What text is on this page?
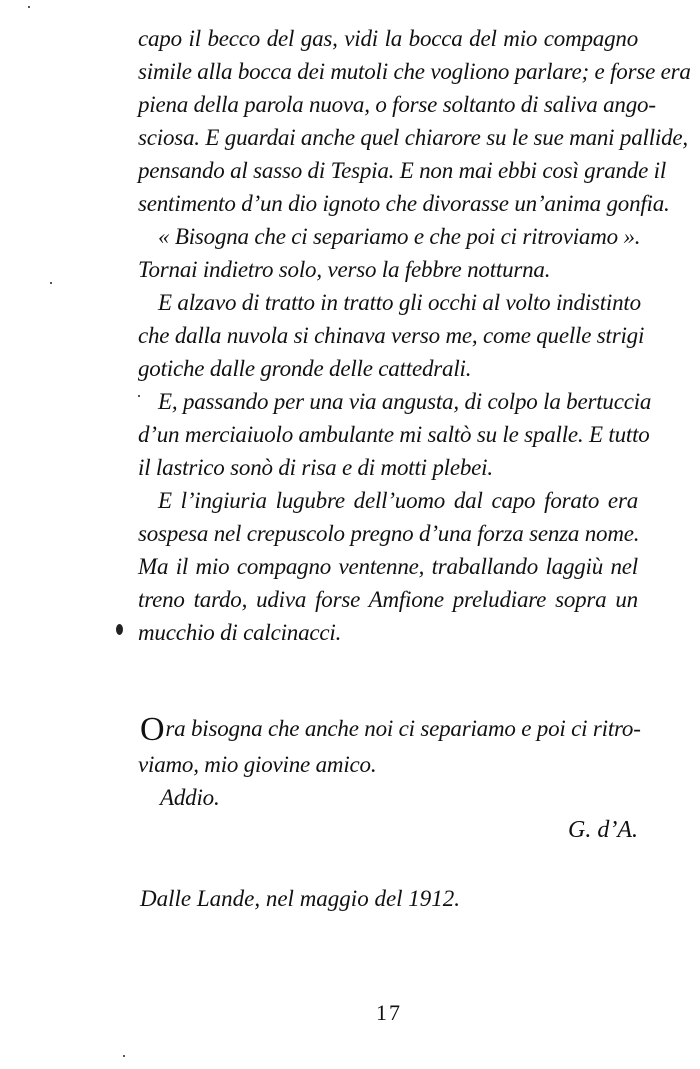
capo il becco del gas, vidi la bocca del mio compagno
simile alla bocca dei mutoli che vogliono parlare; e forse era
piena della parola nuova, o forse soltanto di saliva ango-
sciosa. E guardai anche quel chiarore su le sue mani pallide,
pensando al sasso di Tespia. E non mai ebbi così grande il
sentimento d’un dio ignoto che divorasse un’anima gonfia.
« Bisogna che ci separiamo e che poi ci ritroviamo ».
Tornai indietro solo, verso la febbre notturna.
E alzavo di tratto in tratto gli occhi al volto indistinto
che dalla nuvola si chinava verso me, come quelle strigi
gotiche dalle gronde delle cattedrali.
E, passando per una via angusta, di colpo la bertuccia
d’un merciaiuolo ambulante mi saltò su le spalle. E tutto
il lastrico sonò di risa e di motti plebei.
E l’ingiuria lugubre dell’uomo dal capo forato era
sospesa nel crepuscolo pregno d’una forza senza nome.
Ma il mio compagno ventenne, traballando laggiù nel
treno tardo, udiva forse Amfione preludiare sopra un
mucchio di calcinacci.
Ora bisogna che anche noi ci separiamo e poi ci ritro-
viamo, mio giovine amico.
Addio.
G. d’A.
Dalle Lande, nel maggio del 1912.
17
